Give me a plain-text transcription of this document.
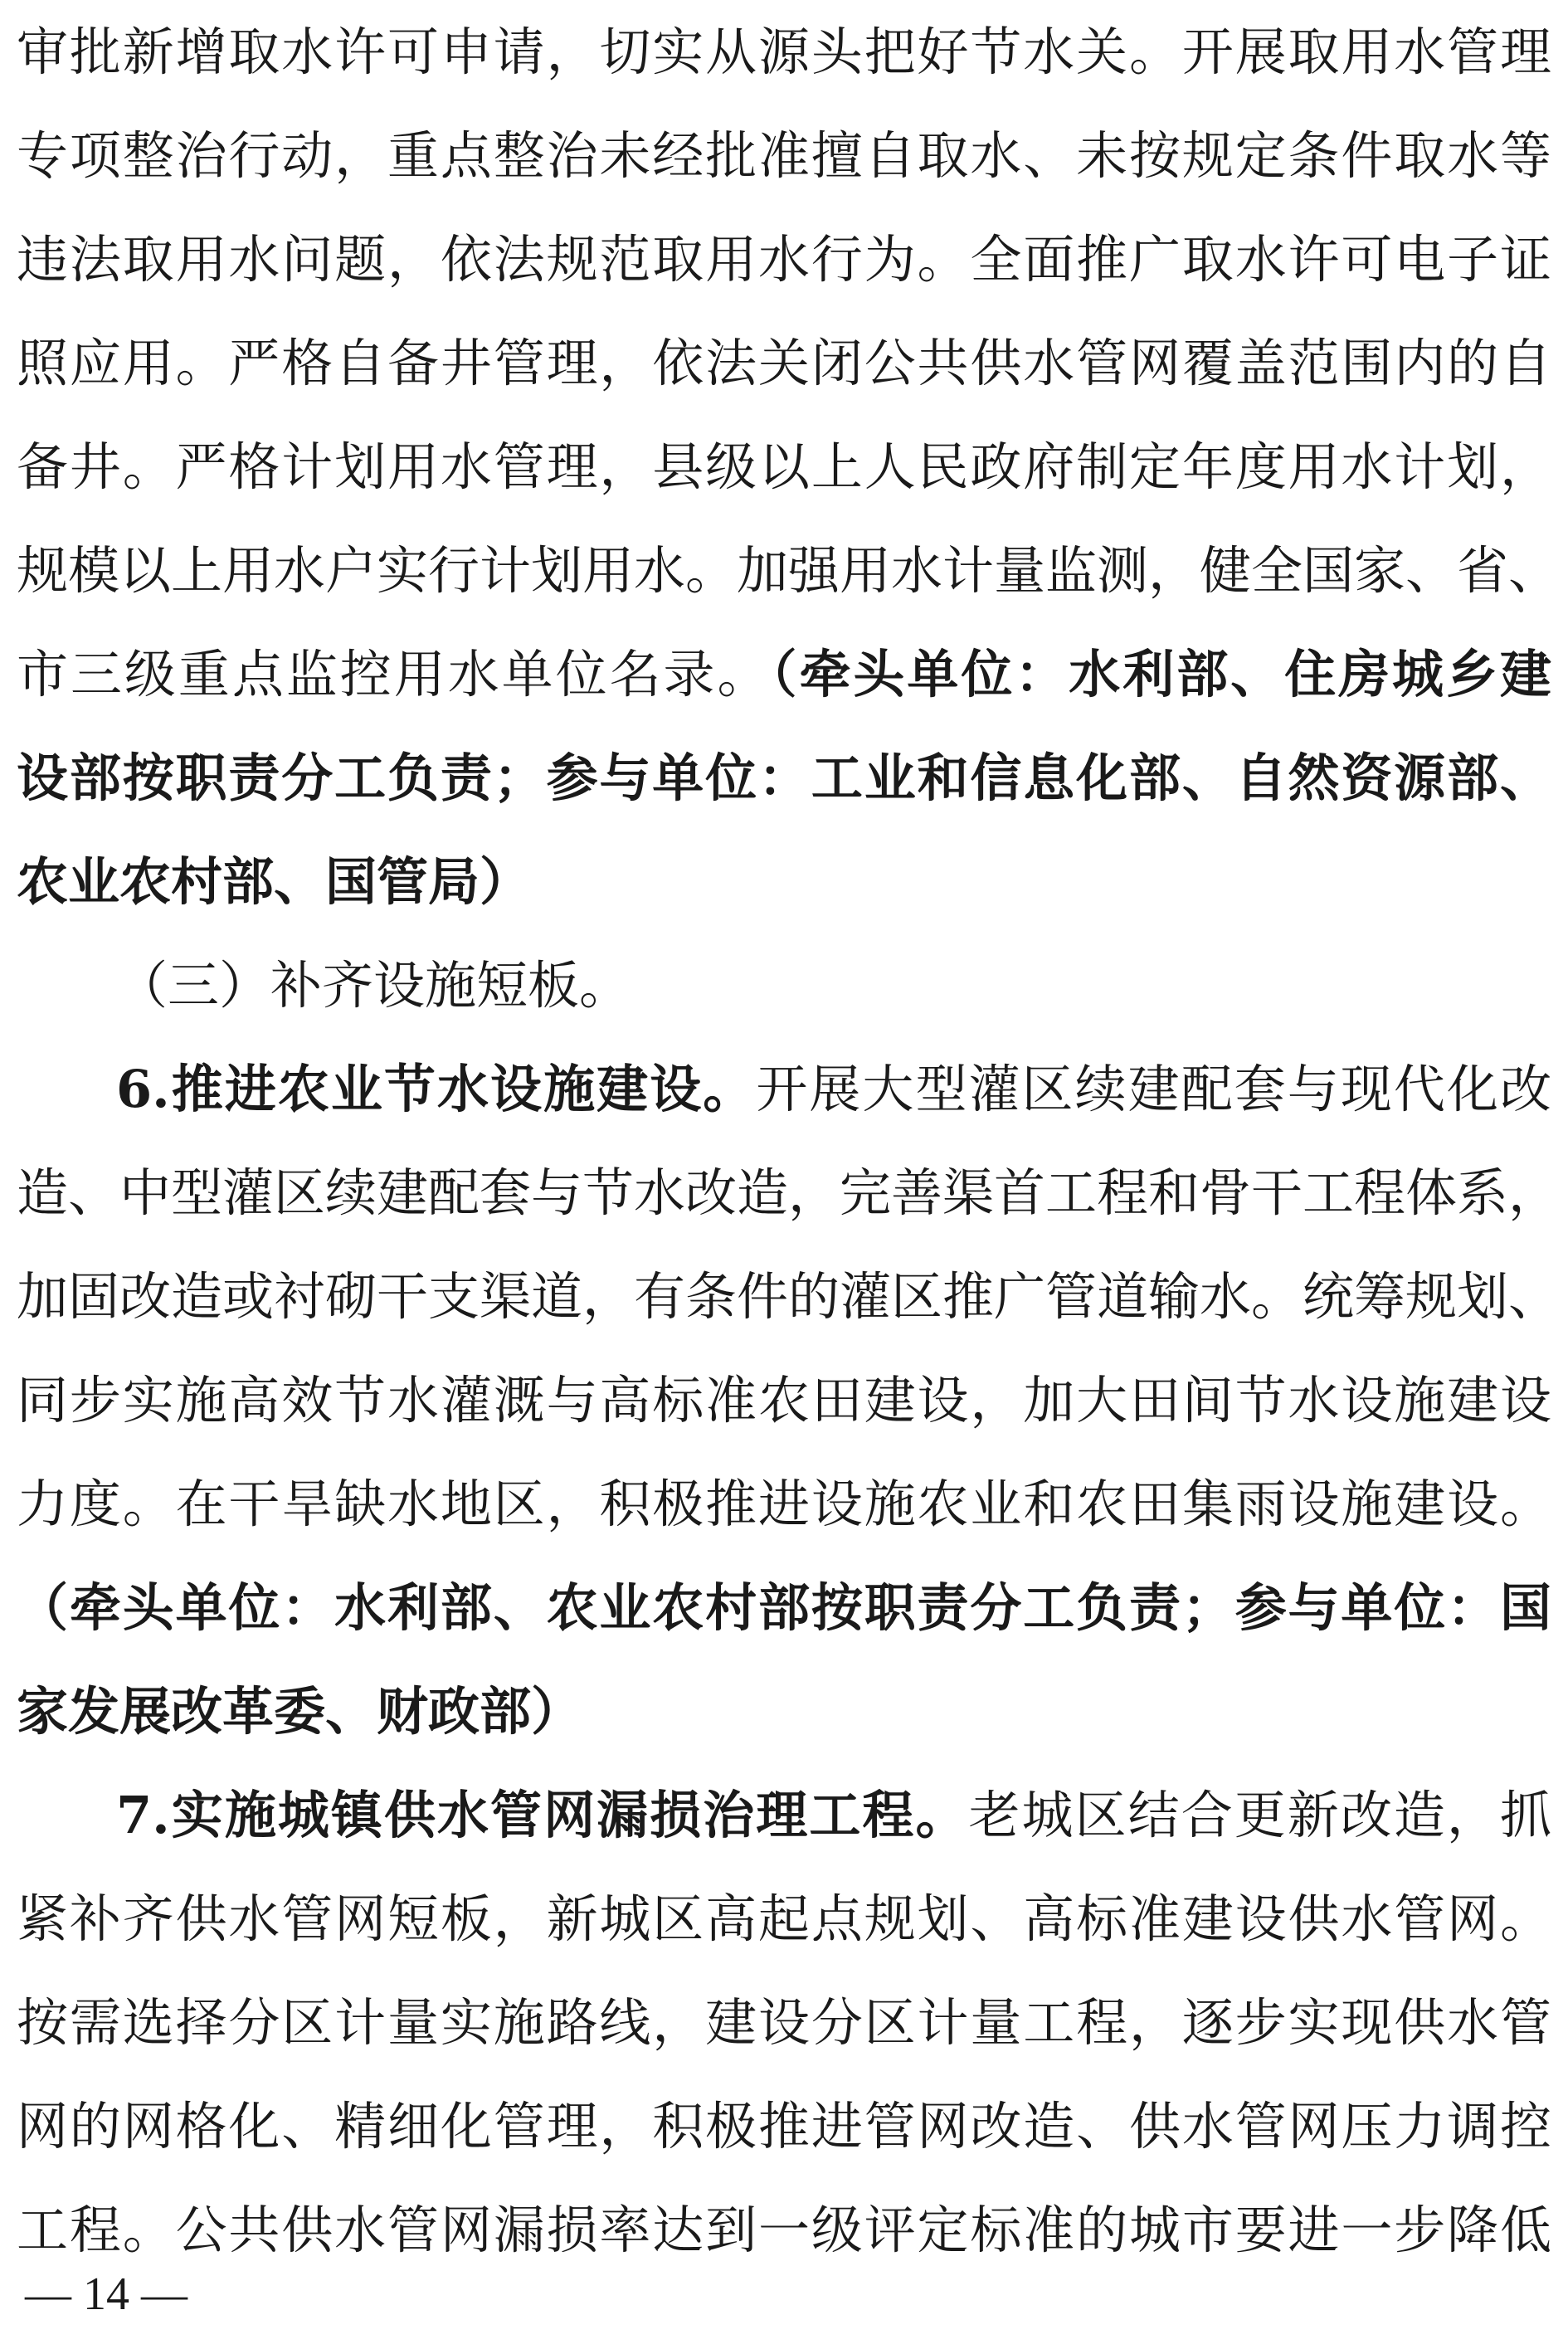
审批新增取水许可申请，切实从源头把好节水关。开展取用水管理
专项整治行动，重点整治未经批准擅自取水、未按规定条件取水等
违法取用水问题，依法规范取用水行为。全面推广取水许可电子证
照应用。严格自备井管理，依法关闭公共供水管网覆盖范围内的自
备井。严格计划用水管理，县级以上人民政府制定年度用水计划，
规模以上用水户实行计划用水。加强用水计量监测，健全国家、省、
市三级重点监控用水单位名录。（牵头单位：水利部、住房城乡建
设部按职责分工负责；参与单位：工业和信息化部、自然资源部、
农业农村部、国管局）
（三）补齐设施短板。
6.推进农业节水设施建设。开展大型灌区续建配套与现代化改
造、中型灌区续建配套与节水改造，完善渠首工程和骨干工程体系，
加固改造或衬砌干支渠道，有条件的灌区推广管道输水。统筹规划、
同步实施高效节水灌溉与高标准农田建设，加大田间节水设施建设
力度。在干旱缺水地区，积极推进设施农业和农田集雨设施建设。
（牵头单位：水利部、农业农村部按职责分工负责；参与单位：国
家发展改革委、财政部）
7.实施城镇供水管网漏损治理工程。老城区结合更新改造，抓
紧补齐供水管网短板，新城区高起点规划、高标准建设供水管网。
按需选择分区计量实施路线，建设分区计量工程，逐步实现供水管
网的网格化、精细化管理，积极推进管网改造、供水管网压力调控
工程。公共供水管网漏损率达到一级评定标准的城市要进一步降低
— 14 —
